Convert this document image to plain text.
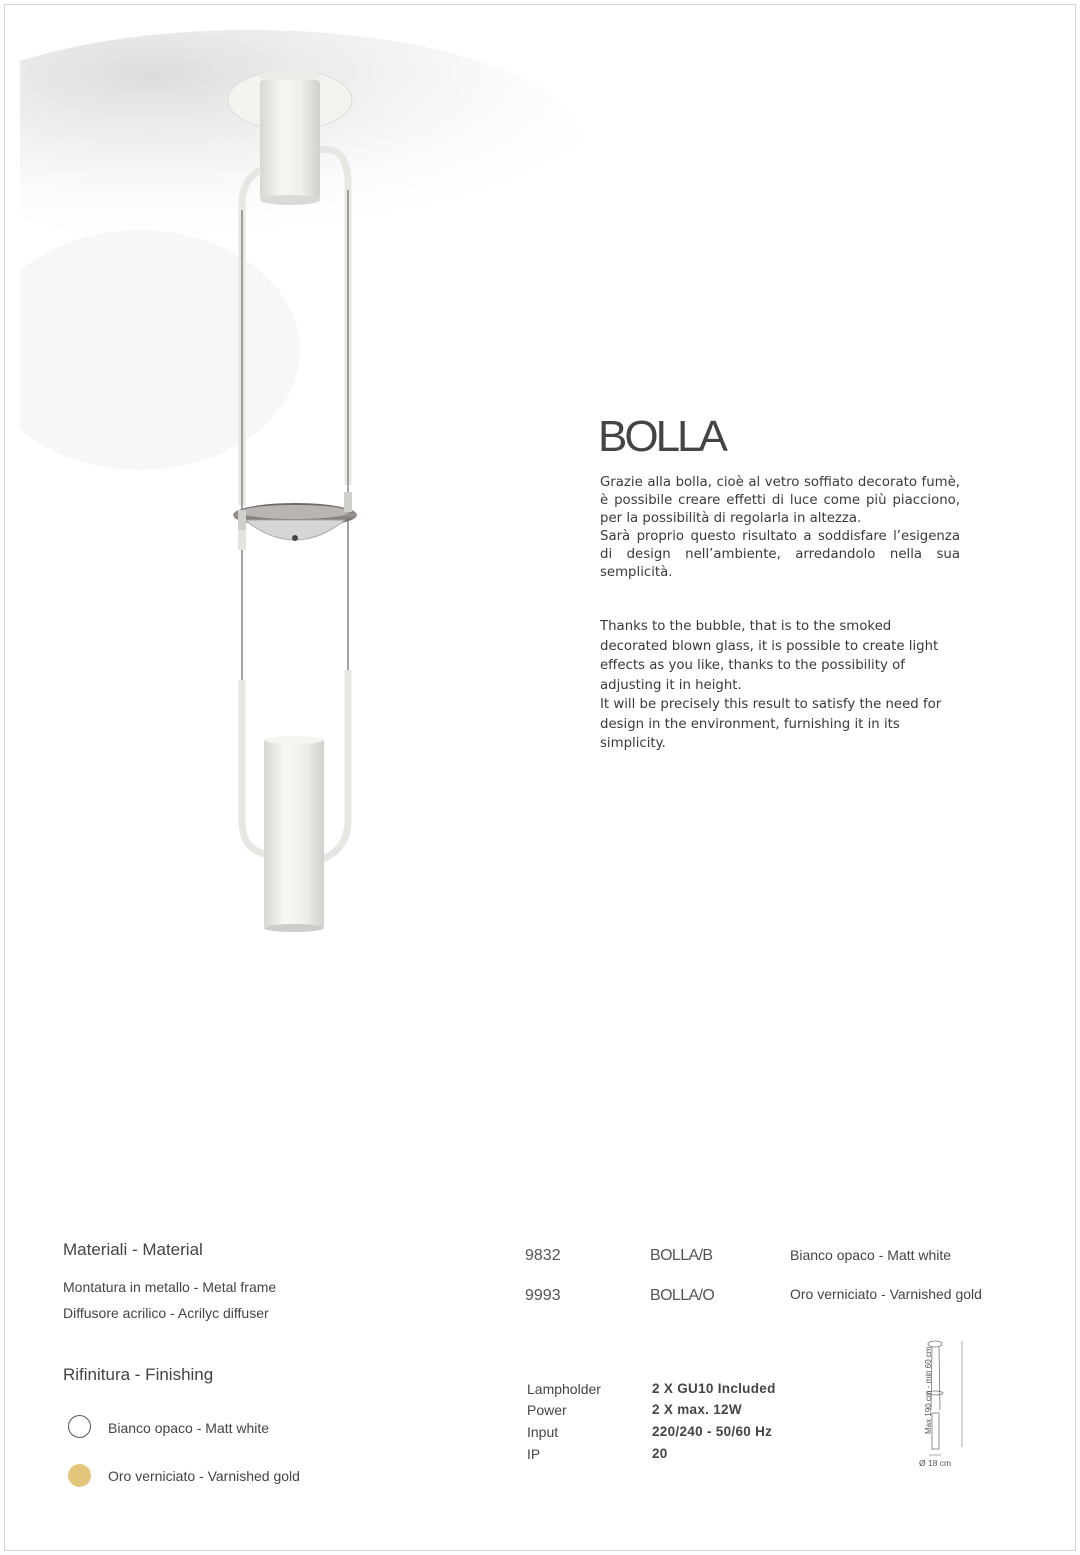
BOLLA

Grazie alla bolla, cioè al vetro soffiato decorato fumè, è possibile creare effetti di luce come più piacciono, per la possibilità di regolarla in altezza.

Sarà proprio questo risultato a soddisfare l’esigenza di design nell’ambiente, arredandolo nella sua semplicità.

Thanks to the bubble, that is to the smoked decorated blown glass, it is possible to create light effects as you like, thanks to the possibility of adjusting it in height.

It will be precisely this result to satisfy the need for design in the environment, furnishing it in its simplicity.

Materiali - Material
Montatura in metallo - Metal frame
Diffusore acrilico - Acrilyc diffuser
Rifinitura - Finishing
Bianco opaco - Matt white
Oro verniciato - Varnished gold
9832	BOLLA/B	Bianco opaco - Matt white
9993	BOLLA/O	Oro verniciato - Varnished gold
Lampholder	2 X GU10 Included
Power	2 X max. 12W
Input	220/240 - 50/60 Hz
IP	20
Max 190 cm - min 60 cm
Ø 18 cm
